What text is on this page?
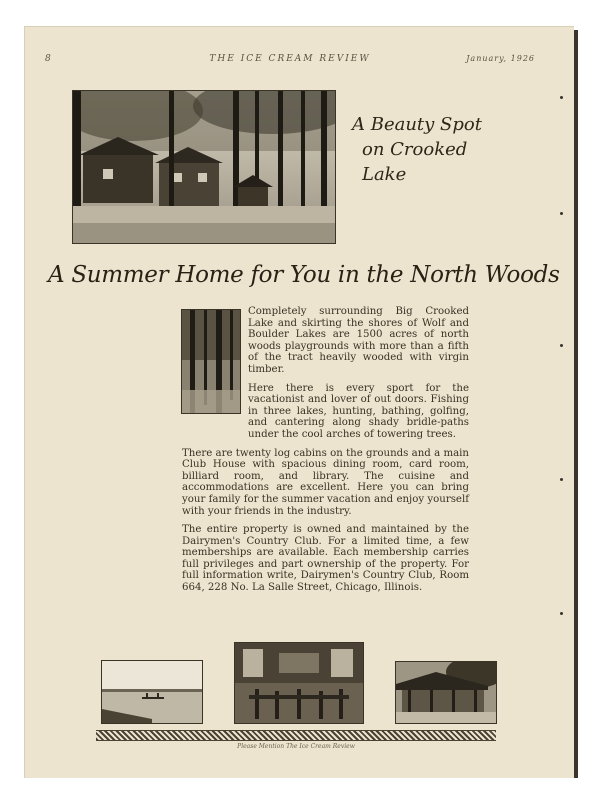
8	THE ICE CREAM REVIEW	January, 1926
A Beauty Spot
on Crooked Lake
A Summer Home for You in the North Woods

Completely surrounding Big Crooked Lake and skirting the shores of Wolf and Boulder Lakes are 1500 acres of north woods playgrounds with more than a fifth of the tract heavily wooded with virgin timber.

Here there is every sport for the vacationist and lover of out doors. Fishing in three lakes, hunting, bathing, golfing, and cantering along shady bridle-paths under the cool arches of towering trees.

There are twenty log cabins on the grounds and a main Club House with spacious dining room, card room, billiard room, and library. The cuisine and accommodations are excellent. Here you can bring your family for the summer vacation and enjoy yourself with your friends in the industry.

The entire property is owned and maintained by the Dairymen's Country Club. For a limited time, a few memberships are available. Each membership carries full privileges and part ownership of the property. For full information write, Dairymen's Country Club, Room 664, 228 No. La Salle Street, Chicago, Illinois.

Please Mention The Ice Cream Review
